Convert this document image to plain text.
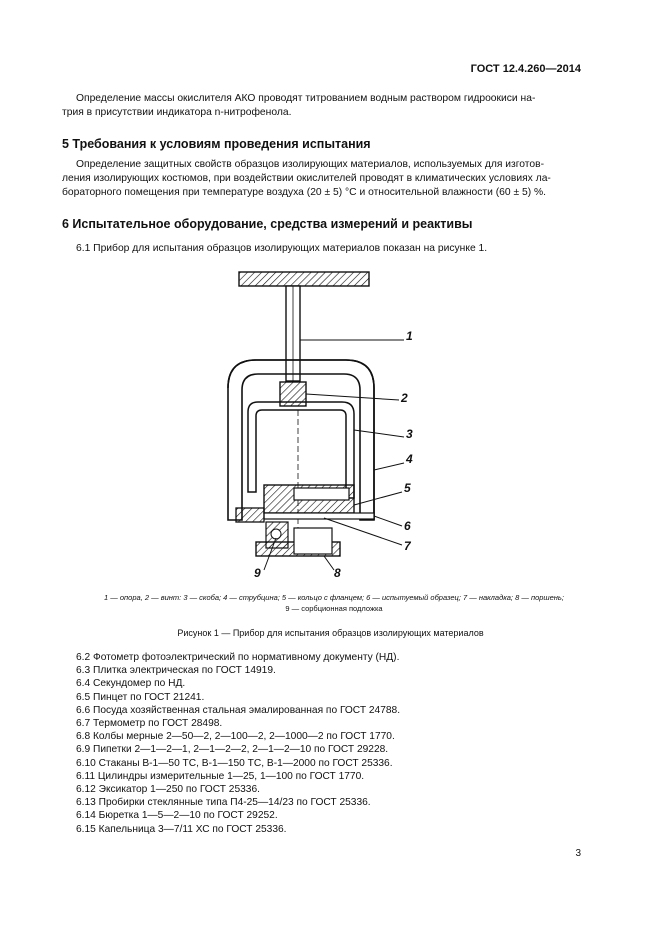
ГОСТ 12.4.260—2014
Определение массы окислителя АКО проводят титрованием водным раствором гидроокиси на-
трия в присутствии индикатора n-нитрофенола.
5 Требования к условиям проведения испытания
Определение защитных свойств образцов изолирующих материалов, используемых для изготов-
ления изолирующих костюмов, при воздействии окислителей проводят в климатических условиях ла-
бораторного помещения при температуре воздуха (20 ± 5) °С и относительной влажности (60 ± 5) %.
6 Испытательное оборудование, средства измерений и реактивы
6.1 Прибор для испытания образцов изолирующих материалов показан на рисунке 1.
1
2
3
4
5
6
7
8
9
1 — опора, 2 — винт: 3 — скоба; 4 — струбцина; 5 — кольцо с фланцем; 6 — испытуемый образец; 7 — накладка; 8 — поршень;
9 — сорбционная подложка
Рисунок 1 — Прибор для испытания образцов изолирующих материалов
6.2 Фотометр фотоэлектрический по нормативному документу (НД).
6.3 Плитка электрическая по ГОСТ 14919.
6.4 Секундомер по НД.
6.5 Пинцет по ГОСТ 21241.
6.6 Посуда хозяйственная стальная эмалированная по ГОСТ 24788.
6.7 Термометр по ГОСТ 28498.
6.8 Колбы мерные 2—50—2, 2—100—2, 2—1000—2 по ГОСТ 1770.
6.9 Пипетки 2—1—2—1, 2—1—2—2, 2—1—2—10 по ГОСТ 29228.
6.10 Стаканы В-1—50 ТС, В-1—150 ТС, В-1—2000 по ГОСТ 25336.
6.11 Цилиндры измерительные 1—25, 1—100 по ГОСТ 1770.
6.12 Эксикатор 1—250 по ГОСТ 25336.
6.13 Пробирки стеклянные типа П4-25—14/23 по ГОСТ 25336.
6.14 Бюретка 1—5—2—10 по ГОСТ 29252.
6.15 Капельница 3—7/11 ХС по ГОСТ 25336.
3
